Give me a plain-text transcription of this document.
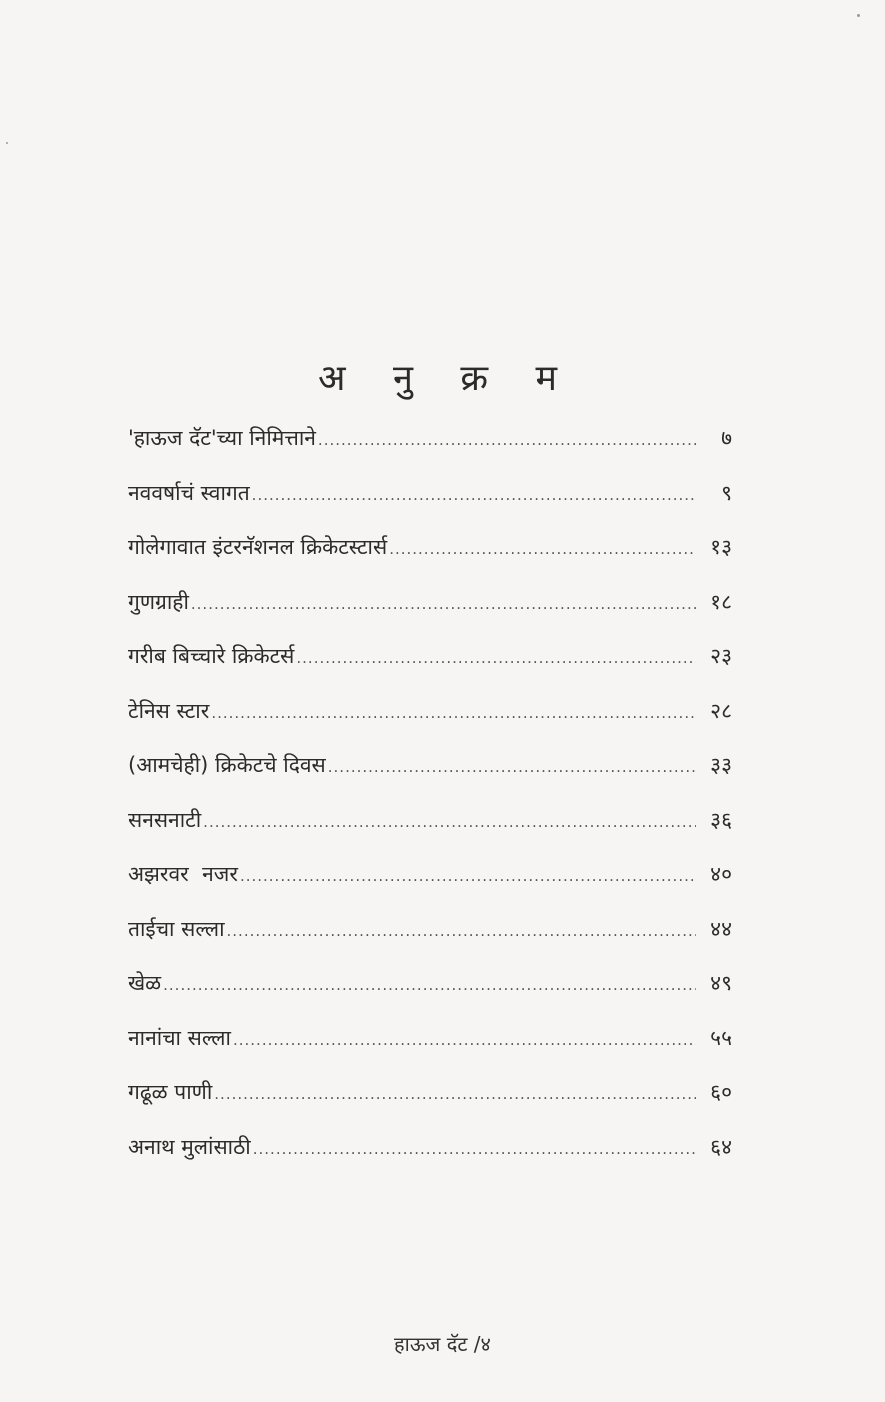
अ नु क्र म
'हाऊज दॅट'च्या निमित्ताने .....	७
नववर्षाचं स्वागत .....	९
गोलेगावात इंटरनॅशनल क्रिकेटस्टार्स .....	१३
गुणग्राही .....	१८
गरीब बिच्चारे क्रिकेटर्स .....	२३
टेनिस स्टार .....	२८
(आमचेही) क्रिकेटचे दिवस .....	३३
सनसनाटी .....	३६
अझरवर  नजर .....	४०
ताईचा सल्ला .....	४४
खेळ .....	४९
नानांचा सल्ला .....	५५
गढूळ पाणी .....	६०
अनाथ मुलांसाठी .....	६४
हाऊज दॅट /४
